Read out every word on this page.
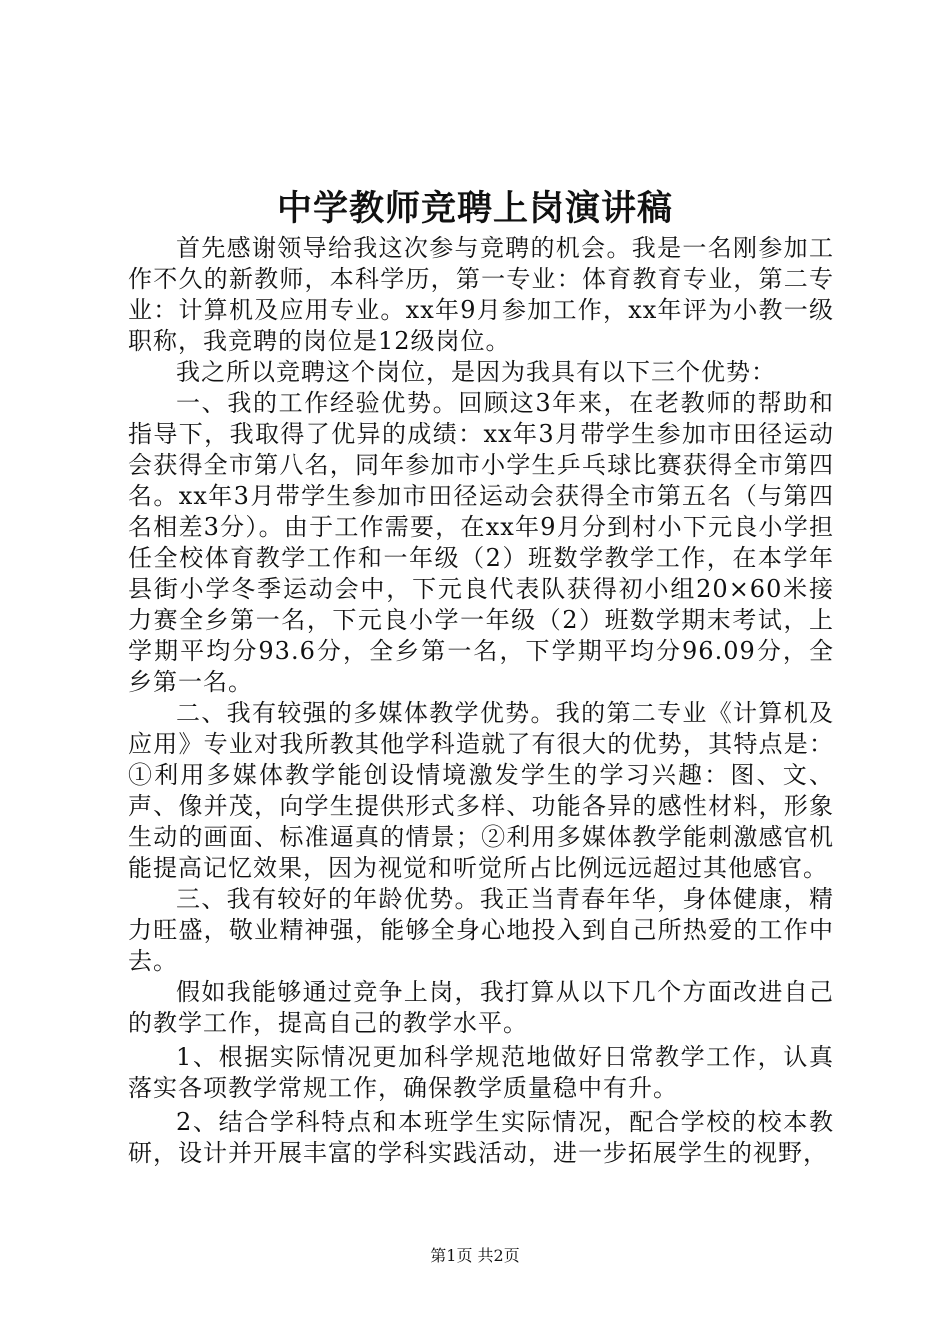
中学教师竞聘上岗演讲稿

首先感谢领导给我这次参与竞聘的机会。我是一名刚参加工作不久的新教师，本科学历，第一专业：体育教育专业，第二专业：计算机及应用专业。xx年9月参加工作，xx年评为小教一级职称，我竞聘的岗位是12级岗位。

我之所以竞聘这个岗位，是因为我具有以下三个优势：

一、我的工作经验优势。回顾这3年来，在老教师的帮助和指导下，我取得了优异的成绩：xx年3月带学生参加市田径运动会获得全市第八名，同年参加市小学生乒乓球比赛获得全市第四名。xx年3月带学生参加市田径运动会获得全市第五名（与第四名相差3分）。由于工作需要，在xx年9月分到村小下元良小学担任全校体育教学工作和一年级（2）班数学教学工作，在本学年县街小学冬季运动会中，下元良代表队获得初小组20×60米接力赛全乡第一名，下元良小学一年级（2）班数学期末考试，上学期平均分93.6分，全乡第一名，下学期平均分96.09分，全乡第一名。

二、我有较强的多媒体教学优势。我的第二专业《计算机及应用》专业对我所教其他学科造就了有很大的优势，其特点是：①利用多媒体教学能创设情境激发学生的学习兴趣：图、文、声、像并茂，向学生提供形式多样、功能各异的感性材料，形象生动的画面、标准逼真的情景；②利用多媒体教学能刺激感官机能提高记忆效果，因为视觉和听觉所占比例远远超过其他感官。

三、我有较好的年龄优势。我正当青春年华，身体健康，精力旺盛，敬业精神强，能够全身心地投入到自己所热爱的工作中去。

假如我能够通过竞争上岗，我打算从以下几个方面改进自己的教学工作，提高自己的教学水平。

1、根据实际情况更加科学规范地做好日常教学工作，认真落实各项教学常规工作，确保教学质量稳中有升。

2、结合学科特点和本班学生实际情况，配合学校的校本教研，设计并开展丰富的学科实践活动，进一步拓展学生的视野，

第1页 共2页
